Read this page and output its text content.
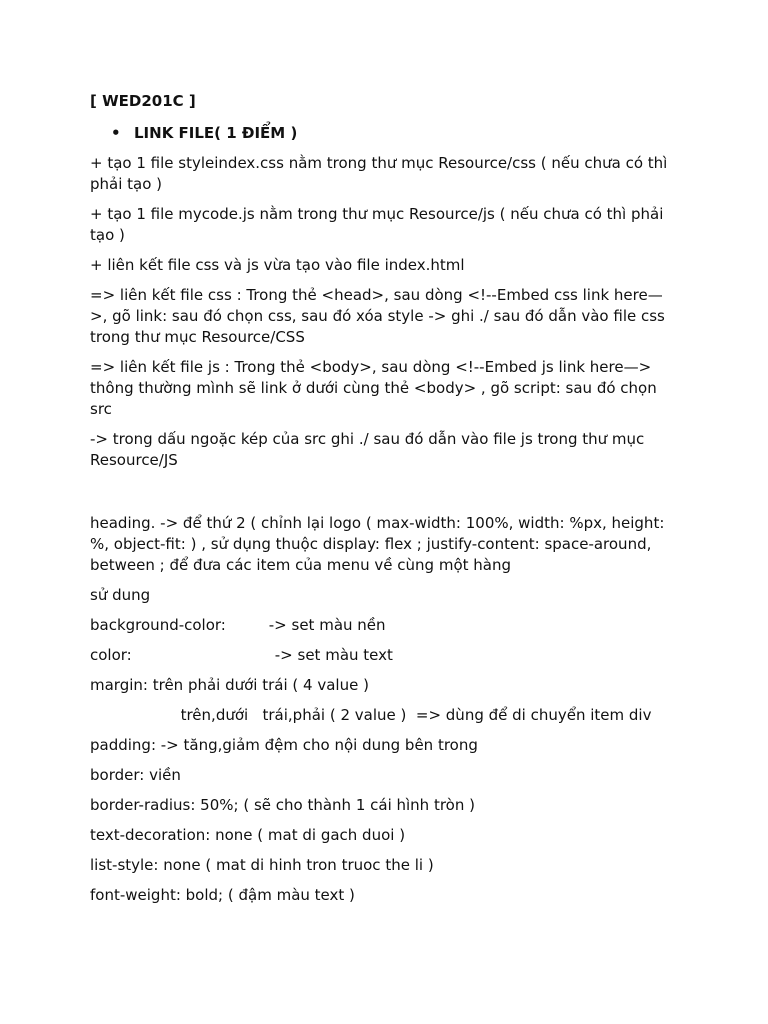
[ WED201C ]
• LINK FILE( 1 ĐIỂM )

+ tạo 1 file styleindex.css nằm trong thư mục Resource/css ( nếu chưa có thì phải tạo )

+ tạo 1 file mycode.js nằm trong thư mục Resource/js ( nếu chưa có thì phải tạo )

+ liên kết file css và js vừa tạo vào file index.html

=> liên kết file css : Trong thẻ <head>, sau dòng <!--Embed css link here—>, gõ link: sau đó chọn css, sau đó xóa style -> ghi ./ sau đó dẫn vào file css trong thư mục Resource/CSS

=> liên kết file js : Trong thẻ <body>, sau dòng <!--Embed js link here—> thông thường mình sẽ link ở dưới cùng thẻ <body> , gõ script: sau đó chọn src

-> trong dấu ngoặc kép của src ghi ./ sau đó dẫn vào file js trong thư mục Resource/JS

heading. -> để thứ 2 ( chỉnh lại logo ( max-width: 100%, width: %px, height: %, object-fit: ) , sử dụng thuộc display: flex ; justify-content: space-around, between ; để đưa các item của menu về cùng một hàng

sử dung

background-color:         -> set màu nền

color:                              -> set màu text

margin: trên phải dưới trái ( 4 value )

trên,dưới   trái,phải ( 2 value )  => dùng để di chuyển item div

padding: -> tăng,giảm đệm cho nội dung bên trong

border: viền

border-radius: 50%; ( sẽ cho thành 1 cái hình tròn )

text-decoration: none ( mat di gach duoi )

list-style: none ( mat di hinh tron truoc the li )

font-weight: bold; ( đậm màu text )
